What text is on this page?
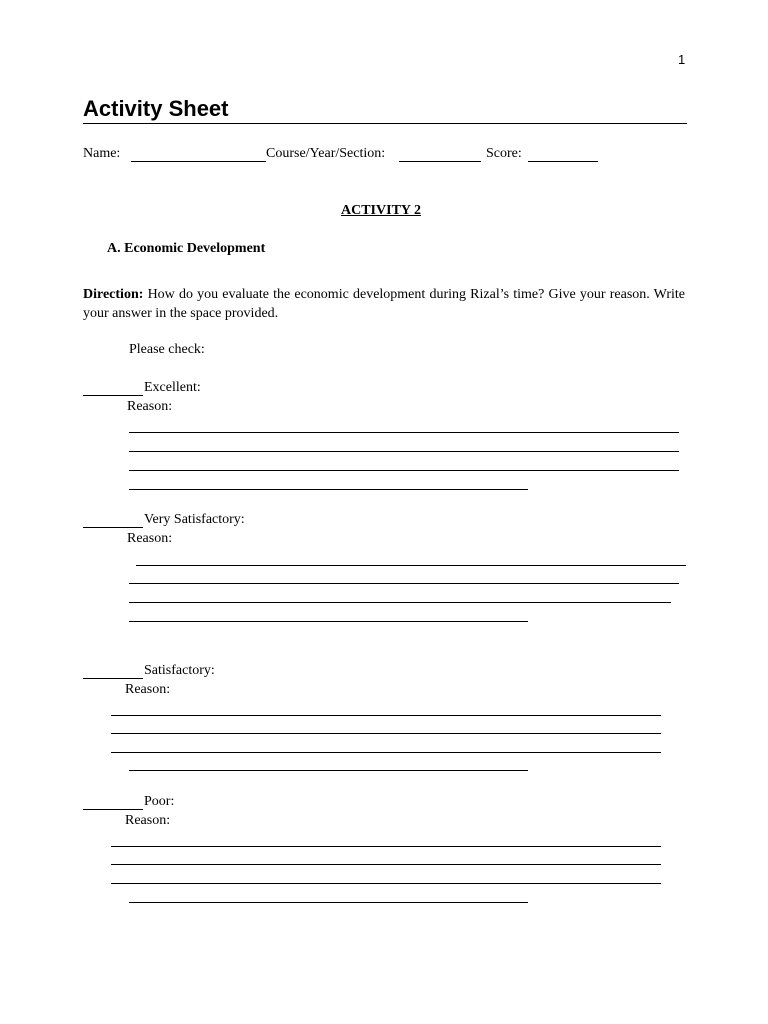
1
Activity Sheet
Name:	Course/Year/Section:	Score:
ACTIVITY 2
A. Economic Development
Direction: How do you evaluate the economic development during Rizal’s time? Give your reason. Write your answer in the space provided.
Please check:
Excellent:
Reason:
Very Satisfactory:
Reason:
Satisfactory:
Reason:
Poor:
Reason:
